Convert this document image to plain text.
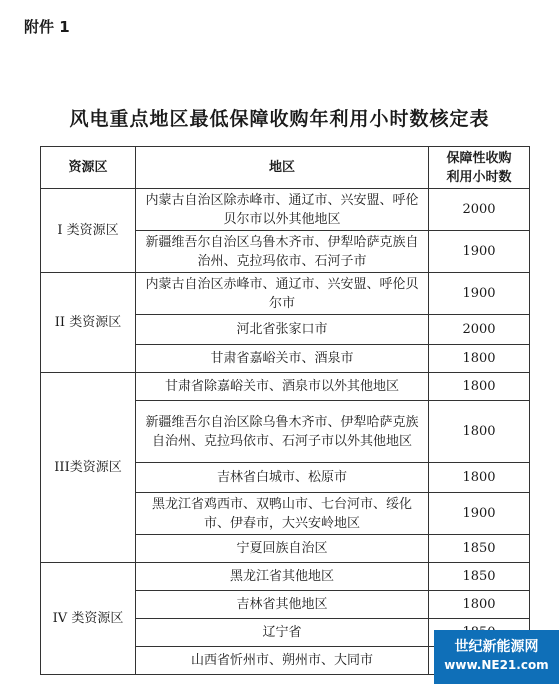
附件 1
风电重点地区最低保障收购年利用小时数核定表
资源区	地区	保障性收购利用小时数
I 类资源区	内蒙古自治区除赤峰市、通辽市、兴安盟、呼伦贝尔市以外其他地区	2000
	新疆维吾尔自治区乌鲁木齐市、伊犁哈萨克族自治州、克拉玛依市、石河子市	1900
II 类资源区	内蒙古自治区赤峰市、通辽市、兴安盟、呼伦贝尔市	1900
	河北省张家口市	2000
	甘肃省嘉峪关市、酒泉市	1800
III类资源区	甘肃省除嘉峪关市、酒泉市以外其他地区	1800
	新疆维吾尔自治区除乌鲁木齐市、伊犁哈萨克族自治州、克拉玛依市、石河子市以外其他地区	1800
	吉林省白城市、松原市	1800
	黑龙江省鸡西市、双鸭山市、七台河市、绥化市、伊春市，大兴安岭地区	1900
	宁夏回族自治区	1850
IV 类资源区	黑龙江省其他地区	1850
	吉林省其他地区	1800
	辽宁省	
	山西省忻州市、朔州市、大同市	
世纪新能源网
www.NE21.com
